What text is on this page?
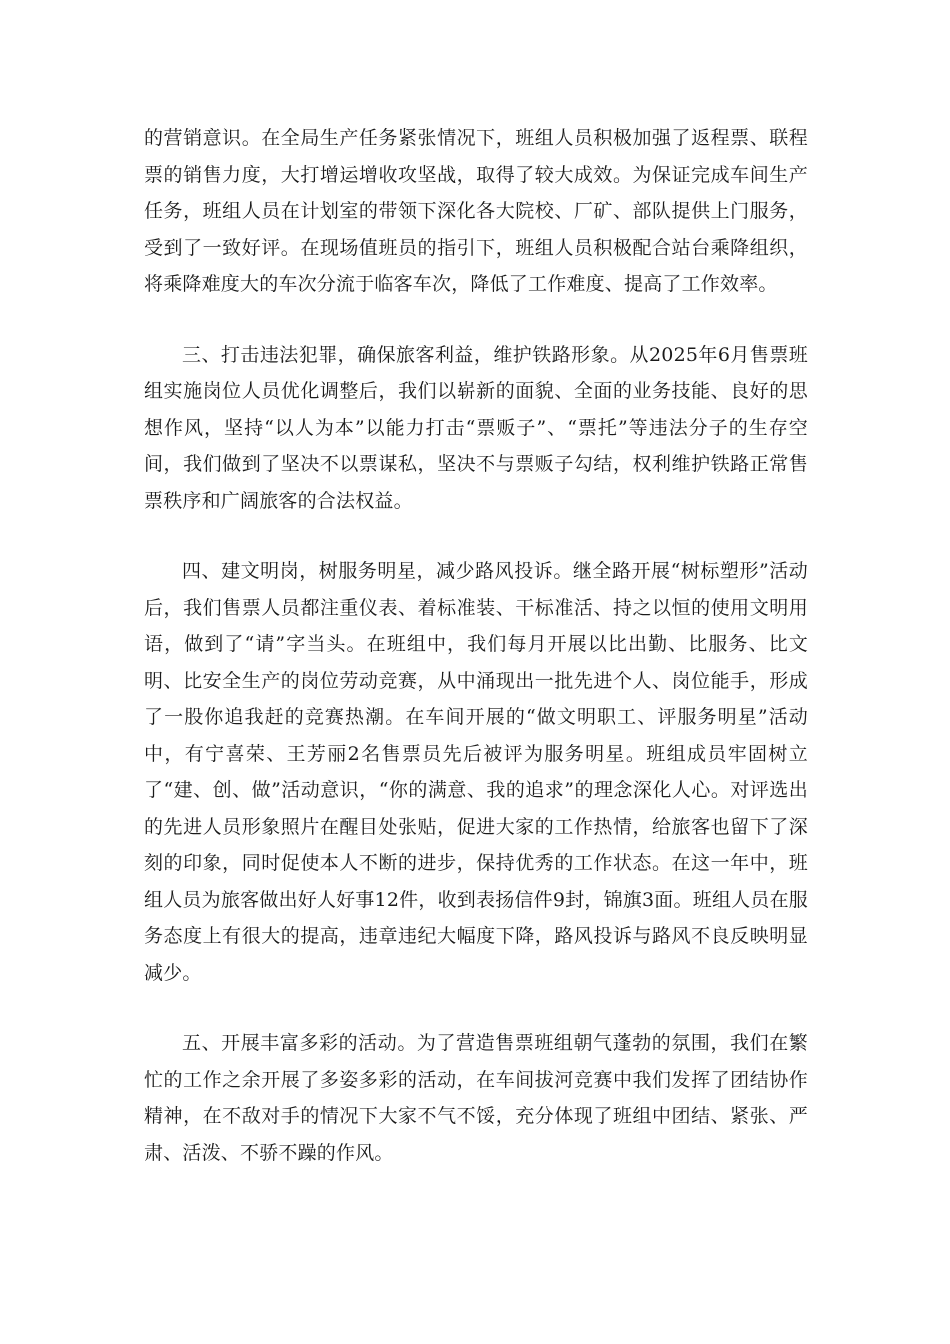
的营销意识。在全局生产任务紧张情况下，班组人员积极加强了返程票、联程票的销售力度，大打增运增收攻坚战，取得了较大成效。为保证完成车间生产任务，班组人员在计划室的带领下深化各大院校、厂矿、部队提供上门服务，受到了一致好评。在现场值班员的指引下，班组人员积极配合站台乘降组织，将乘降难度大的车次分流于临客车次，降低了工作难度、提高了工作效率。

三、打击违法犯罪，确保旅客利益，维护铁路形象。从2025年6月售票班组实施岗位人员优化调整后，我们以崭新的面貌、全面的业务技能、良好的思想作风，坚持“以人为本”以能力打击“票贩子”、“票托”等违法分子的生存空间，我们做到了坚决不以票谋私，坚决不与票贩子勾结，权利维护铁路正常售票秩序和广阔旅客的合法权益。

四、建文明岗，树服务明星，减少路风投诉。继全路开展“树标塑形”活动后，我们售票人员都注重仪表、着标准装、干标准活、持之以恒的使用文明用语，做到了“请”字当头。在班组中，我们每月开展以比出勤、比服务、比文明、比安全生产的岗位劳动竞赛，从中涌现出一批先进个人、岗位能手，形成了一股你追我赶的竞赛热潮。在车间开展的“做文明职工、评服务明星”活动中，有宁喜荣、王芳丽2名售票员先后被评为服务明星。班组成员牢固树立了“建、创、做”活动意识，“你的满意、我的追求”的理念深化人心。对评选出的先进人员形象照片在醒目处张贴，促进大家的工作热情，给旅客也留下了深刻的印象，同时促使本人不断的进步，保持优秀的工作状态。在这一年中，班组人员为旅客做出好人好事12件，收到表扬信件9封，锦旗3面。班组人员在服务态度上有很大的提高，违章违纪大幅度下降，路风投诉与路风不良反映明显减少。

五、开展丰富多彩的活动。为了营造售票班组朝气蓬勃的氛围，我们在繁忙的工作之余开展了多姿多彩的活动，在车间拔河竞赛中我们发挥了团结协作精神，在不敌对手的情况下大家不气不馁，充分体现了班组中团结、紧张、严肃、活泼、不骄不躁的作风。
